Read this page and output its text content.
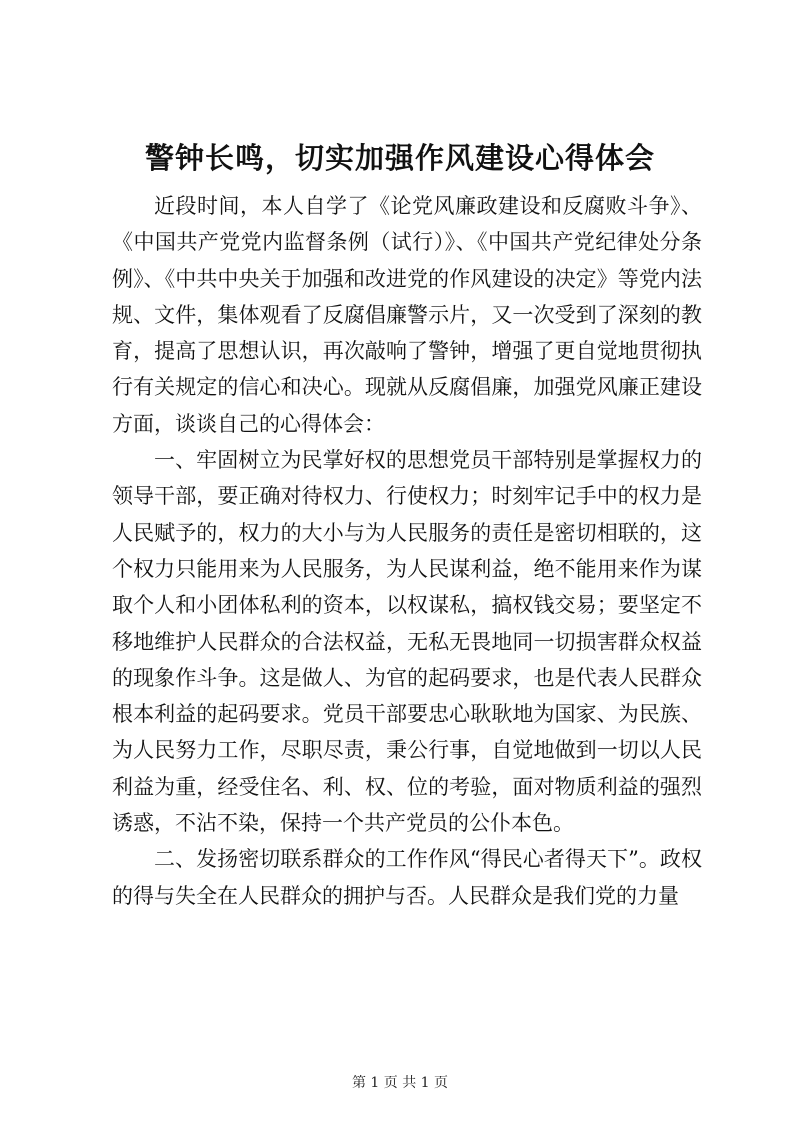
警钟长鸣，切实加强作风建设心得体会

近段时间，本人自学了《论党风廉政建设和反腐败斗争》、《中国共产党党内监督条例（试行）》、《中国共产党纪律处分条例》、《中共中央关于加强和改进党的作风建设的决定》等党内法规、文件，集体观看了反腐倡廉警示片，又一次受到了深刻的教育，提高了思想认识，再次敲响了警钟，增强了更自觉地贯彻执行有关规定的信心和决心。现就从反腐倡廉，加强党风廉正建设方面，谈谈自己的心得体会：

一、牢固树立为民掌好权的思想党员干部特别是掌握权力的领导干部，要正确对待权力、行使权力；时刻牢记手中的权力是人民赋予的，权力的大小与为人民服务的责任是密切相联的，这个权力只能用来为人民服务，为人民谋利益，绝不能用来作为谋取个人和小团体私利的资本，以权谋私，搞权钱交易；要坚定不移地维护人民群众的合法权益，无私无畏地同一切损害群众权益的现象作斗争。这是做人、为官的起码要求，也是代表人民群众根本利益的起码要求。党员干部要忠心耿耿地为国家、为民族、为人民努力工作，尽职尽责，秉公行事，自觉地做到一切以人民利益为重，经受住名、利、权、位的考验，面对物质利益的强烈诱惑，不沾不染，保持一个共产党员的公仆本色。

二、发扬密切联系群众的工作作风“得民心者得天下”。政权的得与失全在人民群众的拥护与否。人民群众是我们党的力量

第 1 页 共 1 页
